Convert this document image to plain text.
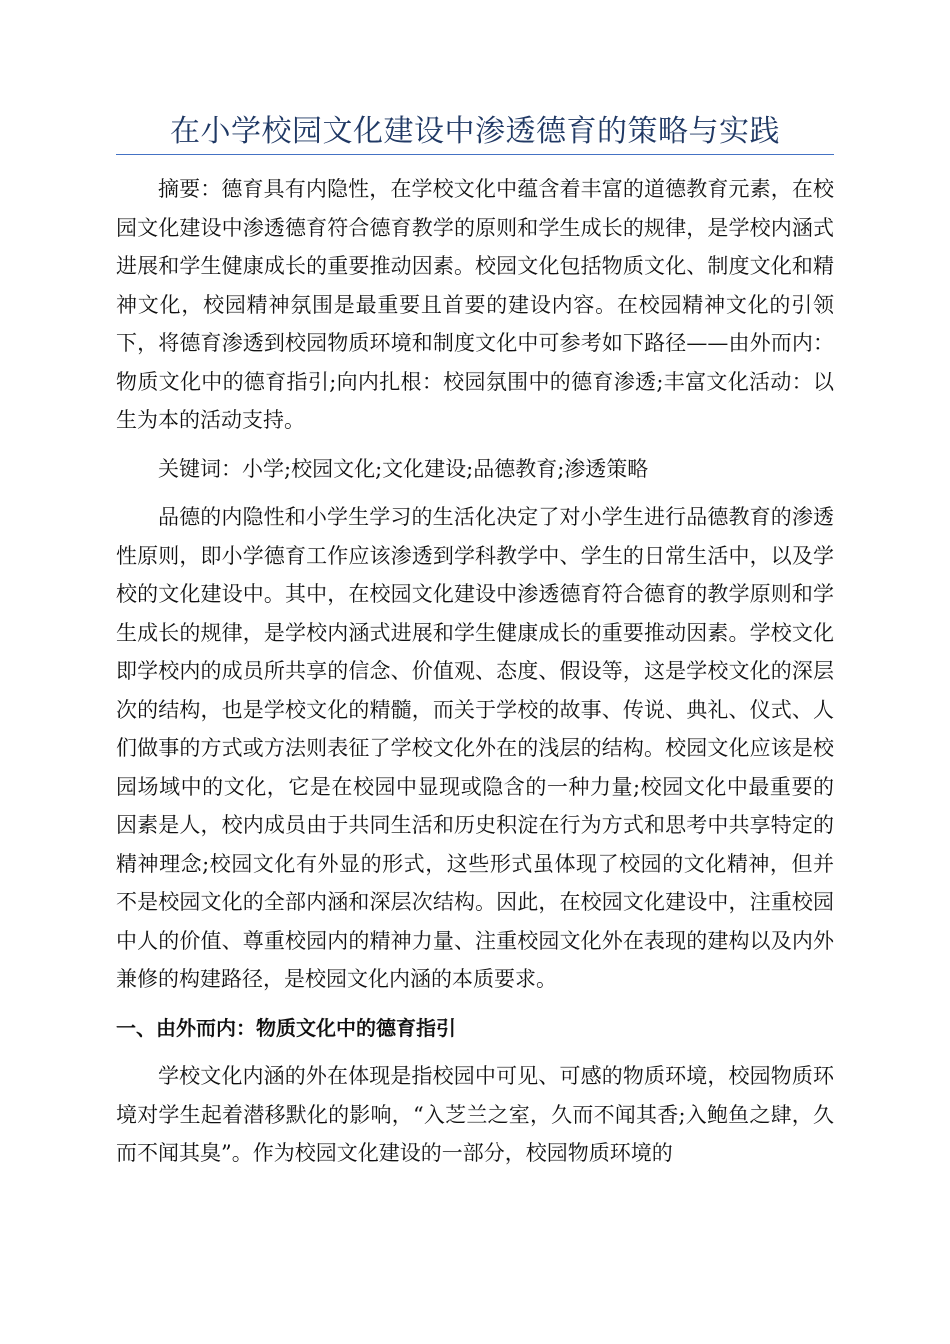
在小学校园文化建设中渗透德育的策略与实践

摘要：德育具有内隐性，在学校文化中蕴含着丰富的道德教育元素，在校园文化建设中渗透德育符合德育教学的原则和学生成长的规律，是学校内涵式进展和学生健康成长的重要推动因素。校园文化包括物质文化、制度文化和精神文化，校园精神氛围是最重要且首要的建设内容。在校园精神文化的引领下，将德育渗透到校园物质环境和制度文化中可参考如下路径——由外而内：物质文化中的德育指引;向内扎根：校园氛围中的德育渗透;丰富文化活动：以生为本的活动支持。

关键词：小学;校园文化;文化建设;品德教育;渗透策略

品德的内隐性和小学生学习的生活化决定了对小学生进行品德教育的渗透性原则，即小学德育工作应该渗透到学科教学中、学生的日常生活中，以及学校的文化建设中。其中，在校园文化建设中渗透德育符合德育的教学原则和学生成长的规律，是学校内涵式进展和学生健康成长的重要推动因素。学校文化即学校内的成员所共享的信念、价值观、态度、假设等，这是学校文化的深层次的结构，也是学校文化的精髓，而关于学校的故事、传说、典礼、仪式、人们做事的方式或方法则表征了学校文化外在的浅层的结构。校园文化应该是校园场域中的文化，它是在校园中显现或隐含的一种力量;校园文化中最重要的因素是人，校内成员由于共同生活和历史积淀在行为方式和思考中共享特定的精神理念;校园文化有外显的形式，这些形式虽体现了校园的文化精神，但并不是校园文化的全部内涵和深层次结构。因此，在校园文化建设中，注重校园中人的价值、尊重校园内的精神力量、注重校园文化外在表现的建构以及内外兼修的构建路径，是校园文化内涵的本质要求。

一、由外而内：物质文化中的德育指引

学校文化内涵的外在体现是指校园中可见、可感的物质环境，校园物质环境对学生起着潜移默化的影响，“入芝兰之室，久而不闻其香;入鲍鱼之肆，久而不闻其臭”。作为校园文化建设的一部分，校园物质环境的
